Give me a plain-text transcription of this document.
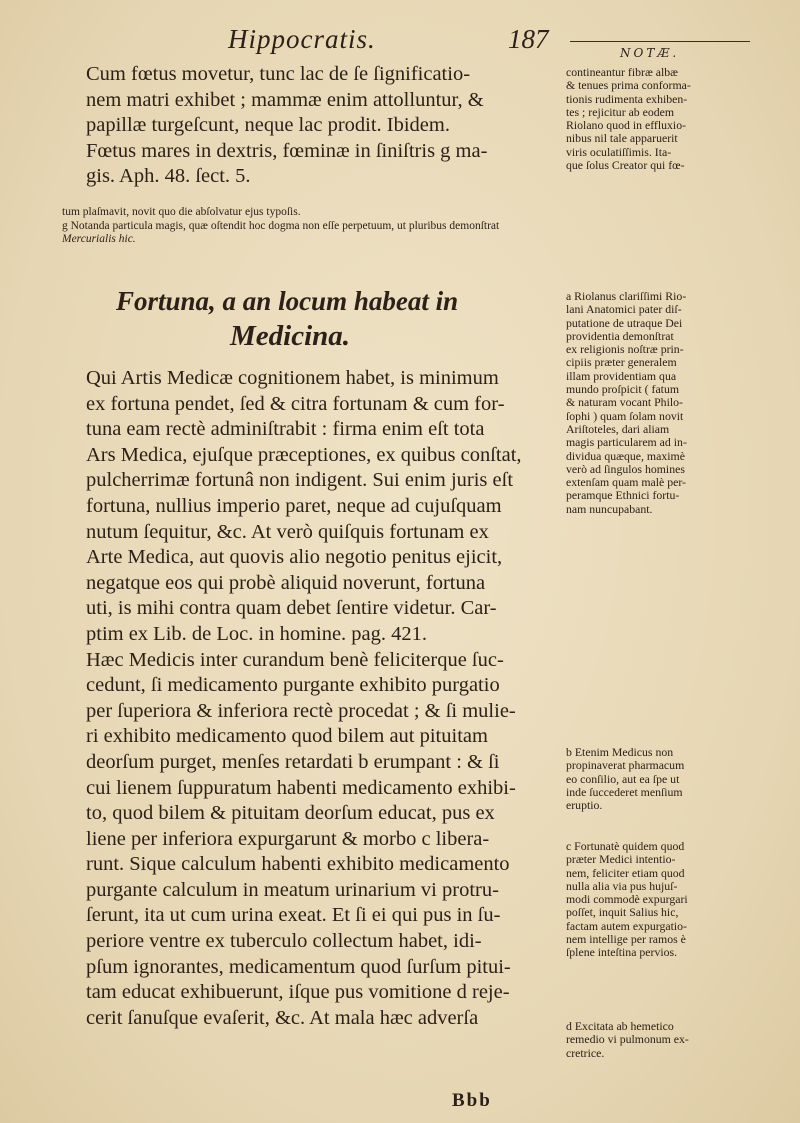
Hippocratis.	187	NOTÆ.
Cum fœtus movetur, tunc lac de ſe ſignificatio-
nem matri exhibet ; mammæ enim attolluntur, &
papillæ turgeſcunt, neque lac prodit. Ibidem.
Fœtus mares in dextris, fœminæ in ſiniſtris g ma-
gis. Aph. 48. ſect. 5.
contineantur fibræ albæ
& tenues prima conforma-
tionis rudimenta exhiben-
tes ; rejicitur ab eodem
Riolano quod in effluxio-
nibus nil tale apparuerit
viris oculatiſſimis. Ita-
que ſolus Creator qui fœ-
tum plaſmavit, novit quo die abſolvatur ejus typoſis.
g Notanda particula magis, quæ oſtendit hoc dogma non eſſe perpetuum, ut pluribus demonſtrat
Mercurialis hic.
Fortuna, a an locum habeat in
Medicina.
Qui Artis Medicæ cognitionem habet, is minimum
ex fortuna pendet, ſed & citra fortunam & cum for-
tuna eam rectè adminiſtrabit : firma enim eſt tota
Ars Medica, ejuſque præceptiones, ex quibus conſtat,
pulcherrimæ fortunâ non indigent. Sui enim juris eſt
fortuna, nullius imperio paret, neque ad cujuſquam
nutum ſequitur, &c. At verò quiſquis fortunam ex
Arte Medica, aut quovis alio negotio penitus ejicit,
negatque eos qui probè aliquid noverunt, fortuna
uti, is mihi contra quam debet ſentire videtur. Car-
ptim ex Lib. de Loc. in homine. pag. 421.
Hæc Medicis inter curandum benè feliciterque ſuc-
cedunt, ſi medicamento purgante exhibito purgatio
per ſuperiora & inferiora rectè procedat ; & ſi mulie-
ri exhibito medicamento quod bilem aut pituitam
deorſum purget, menſes retardati b erumpant : & ſi
cui lienem ſuppuratum habenti medicamento exhibi-
to, quod bilem & pituitam deorſum educat, pus ex
liene per inferiora expurgarunt & morbo c libera-
runt. Sique calculum habenti exhibito medicamento
purgante calculum in meatum urinarium vi protru-
ſerunt, ita ut cum urina exeat. Et ſi ei qui pus in ſu-
periore ventre ex tuberculo collectum habet, idi-
pſum ignorantes, medicamentum quod ſurſum pitui-
tam educat exhibuerunt, iſque pus vomitione d reje-
cerit ſanuſque evaſerit, &c. At mala hæc adverſa
a Riolanus clariſſimi Rio-
lani Anatomici pater diſ-
putatione de utraque Dei
providentia demonſtrat
ex religionis noſtræ prin-
cipiis præter generalem
illam providentiam qua
mundo proſpicit ( fatum
& naturam vocant Philo-
ſophi ) quam ſolam novit
Ariſtoteles, dari aliam
magis particularem ad in-
dividua quæque, maximè
verò ad ſingulos homines
extenſam quam malè per-
peramque Ethnici fortu-
nam nuncupabant.
b Etenim Medicus non
propinaverat pharmacum
eo conſilio, aut ea ſpe ut
inde ſuccederet menſium
eruptio.
c Fortunatè quidem quod
præter Medici intentio-
nem, feliciter etiam quod
nulla alia via pus hujuſ-
modi commodè expurgari
poſſet, inquit Salius hic,
factam autem expurgatio-
nem intellige per ramos è
ſplene inteſtina pervios.
d Excitata ab hemetico
remedio vi pulmonum ex-
cretrice.
Bbb
